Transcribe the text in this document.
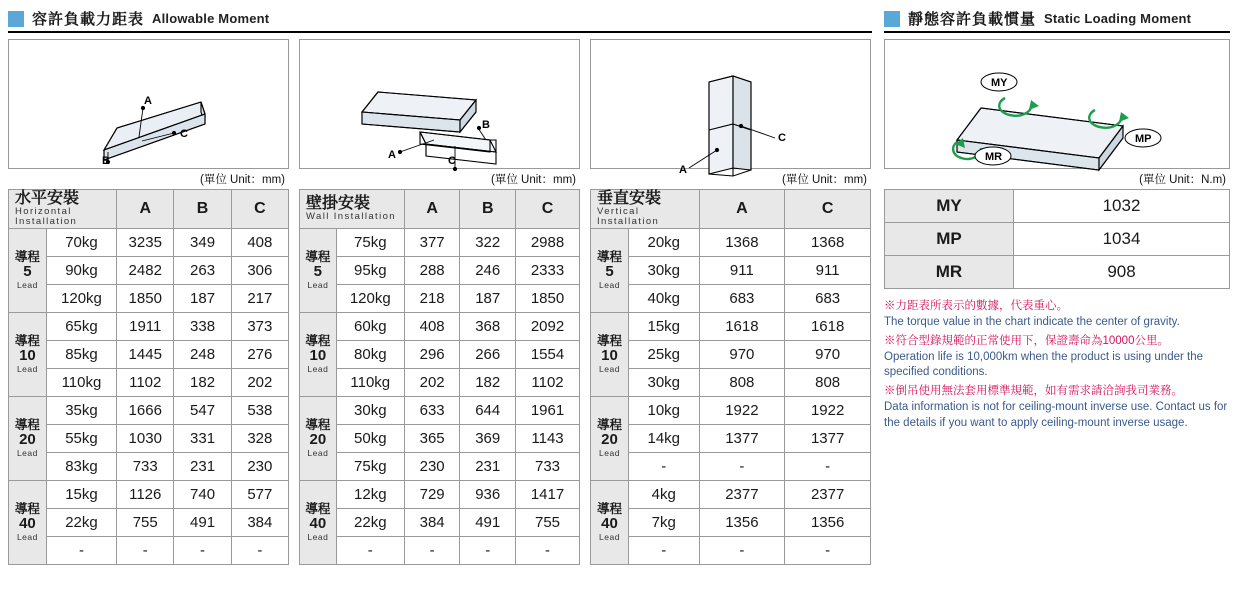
容許負載力距表 Allowable Moment
A
C
B
(單位 Unit：mm)
水平安裝
Horizontal Installation		A	B	C
導程
5
Lead	70kg	3235	349	408
	90kg	2482	263	306
	120kg	1850	187	217
導程
10
Lead	65kg	1911	338	373
	85kg	1445	248	276
	110kg	1102	182	202
導程
20
Lead	35kg	1666	547	538
	55kg	1030	331	328
	83kg	733	231	230
導程
40
Lead	15kg	1126	740	577
	22kg	755	491	384
	-	-	-	-
A	C
B
(單位 Unit：mm)
壁掛安裝
Wall Installation		A	B	C
導程
5
Lead	75kg	377	322	2988
	95kg	288	246	2333
	120kg	218	187	1850
導程
10
Lead	60kg	408	368	2092
	80kg	296	266	1554
	110kg	202	182	1102
導程
20
Lead	30kg	633	644	1961
	50kg	365	369	1143
	75kg	230	231	733
導程
40
Lead	12kg	729	936	1417
	22kg	384	491	755
	-	-	-	-
C
A
(單位 Unit：mm)
垂直安裝
Vertical Installation		A	C
導程
5
Lead	20kg	1368	1368
	30kg	911	911
	40kg	683	683
導程
10
Lead	15kg	1618	1618
	25kg	970	970
	30kg	808	808
導程
20
Lead	10kg	1922	1922
	14kg	1377	1377
	-	-	-
導程
40
Lead	4kg	2377	2377
	7kg	1356	1356
	-	-	-
靜態容許負載慣量 Static Loading Moment
MY
MP
MR
(單位 Unit：N.m)
MY	1032
MP	1034
MR	908
※力距表所表示的數據，代表重心。
The torque value in the chart indicate the center of gravity.
※符合型錄規範的正常使用下，保證壽命為10000公里。
Operation life is 10,000km when the product is using under the specified conditions.
※倒吊使用無法套用標準規範，如有需求請洽詢我司業務。
Data information is not for ceiling-mount inverse use. Contact us for the details if you want to apply ceiling-mount inverse usage.
